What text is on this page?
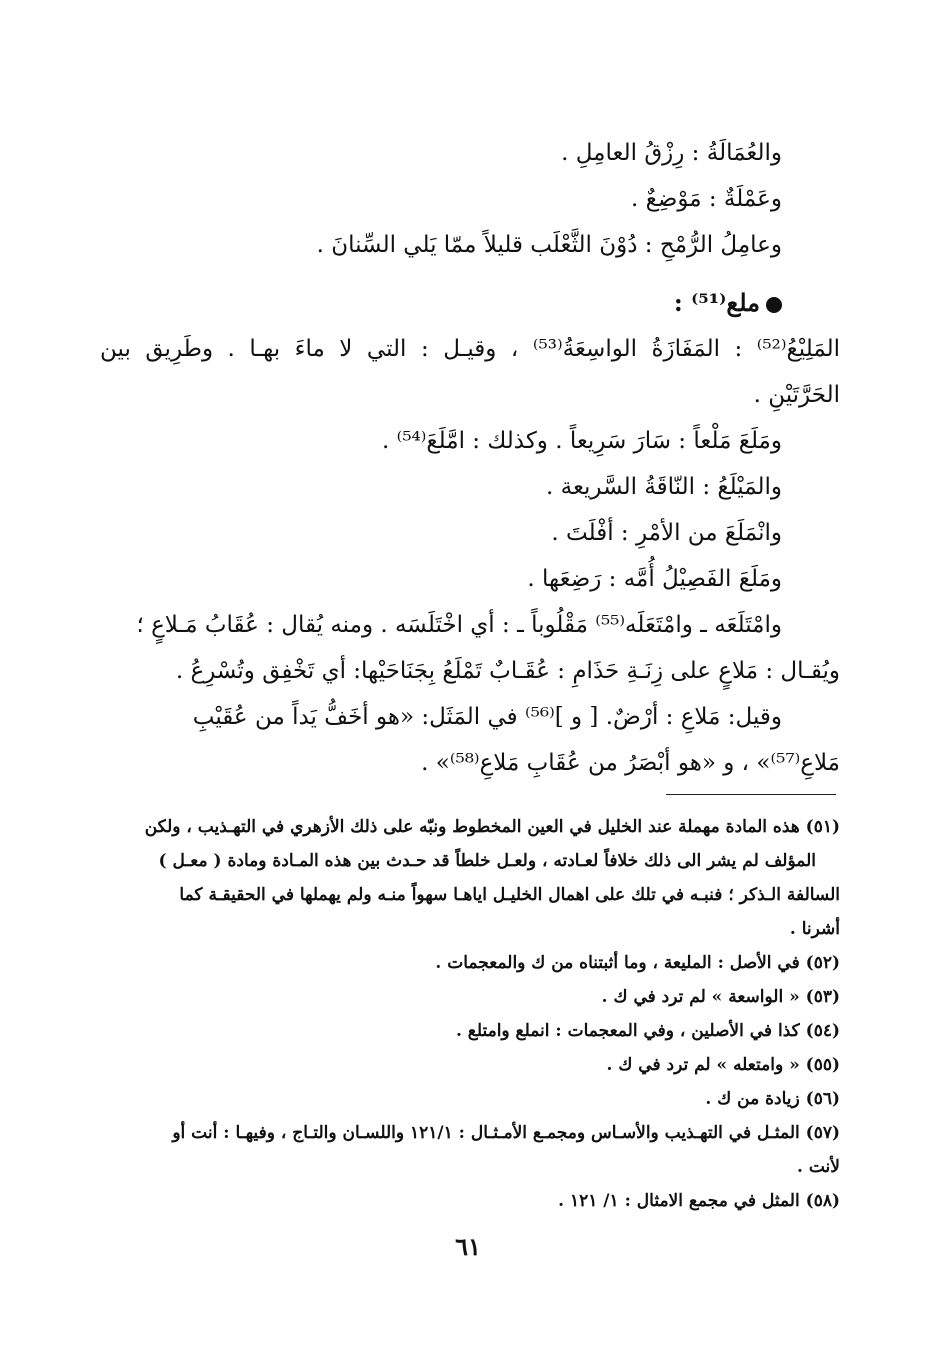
والعُمَالَةُ : رِزْقُ العامِلِ .
وعَمْلَةٌ : مَوْضِعٌ .
وعامِلُ الرُّمْحِ : دُوْنَ الثَّعْلَب قليلاً ممّا يَلي السِّنانَ .
ملع⁽⁵¹⁾ :
المَلِيْعُ⁽⁵²⁾ : المَفَازَةُ الواسِعَةُ⁽⁵³⁾ ، وقيـل : التي لا ماءَ بهـا . وطَرِيق بين
الحَرَّتَيْنِ .
ومَلَعَ مَلْعاً : سَارَ سَرِيعاً . وكذلك : امَّلَعَ⁽⁵⁴⁾ .
والمَيْلَعُ : النّاقَةُ السَّريعة .
وانْمَلَعَ من الأمْرِ : أفْلَتَ .
ومَلَعَ الفَصِيْلُ أُمَّه : رَضِعَها .
وامْتَلَعَه ـ وامْتَعَلَه⁽⁵⁵⁾ مَقْلُوباً ـ : أي اخْتَلَسَه . ومنه يُقال : عُقَابُ مَـلاعٍ ؛
ويُقـال : مَلاعٍ على زِنَـةِ حَذَامِ : عُقَـابٌ تَمْلَعُ بِجَنَاحَيْها: أي تَخْفِق وتُسْرِعُ .
وقيل: مَلاعِ : أرْضٌ. [ و ]⁽⁵⁶⁾ في المَثَل: «هو أخَفُّ يَداً من عُقَيْبِ
مَلاعِ⁽⁵⁷⁾» ، و «هو أبْصَرُ من عُقَابِ مَلاعِ⁽⁵⁸⁾» .
(٥١) هذه المادة مهملة عند الخليل في العين المخطوط ونبّه على ذلك الأزهري في التهـذيب ، ولكن
المؤلف لم يشر الى ذلك خلافاً لعـادته ، ولعـل خلطاً قد حـدث بين هذه المـادة ومادة ( معـل )
السالفة الـذكر ؛ فنبـه في تلك على اهمال الخليـل اياهـا سهواً منـه ولم يهملها في الحقيقـة كما
أشرنا .
(٥٢) في الأصل : المليعة ، وما أثبتناه من ك والمعجمات .
(٥٣) « الواسعة » لم ترد في ك .
(٥٤) كذا في الأصلين ، وفي المعجمات : انملع وامتلع .
(٥٥) « وامتعله » لم ترد في ك .
(٥٦) زيادة من ك .
(٥٧) المثـل في التهـذيب والأسـاس ومجمـع الأمـثـال : ١٢١/١ واللسـان والتـاج ، وفيهـا : أنت أو
لأنت .
(٥٨) المثل في مجمع الامثال : ١/ ١٢١ .
٦١
